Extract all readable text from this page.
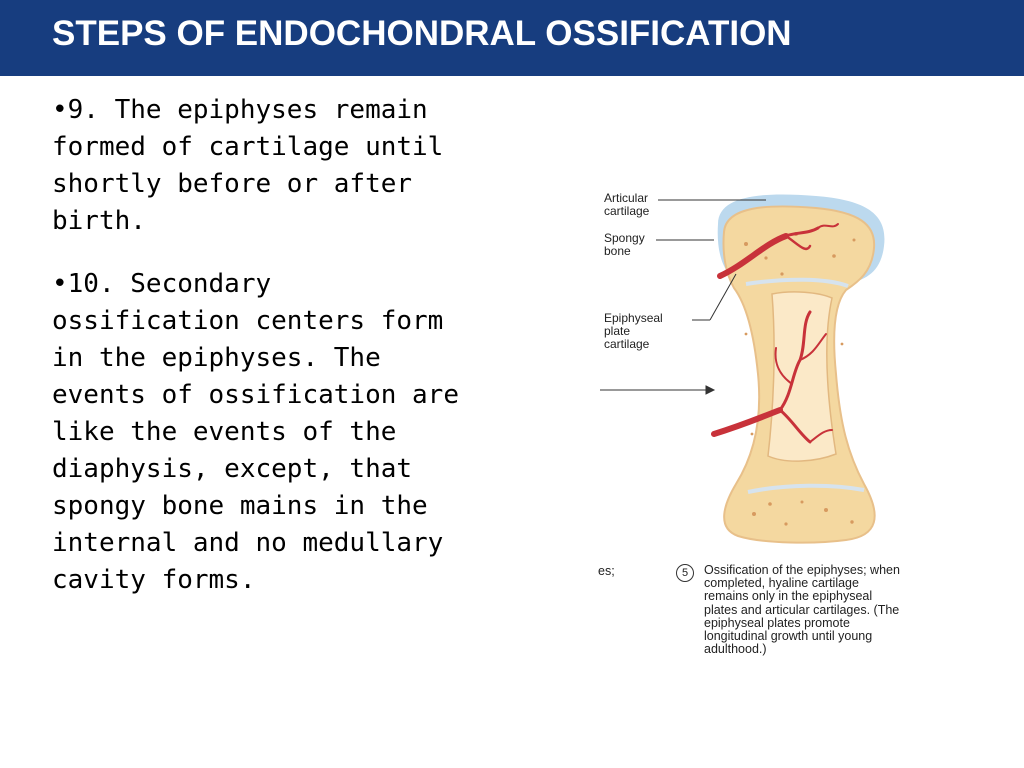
STEPS OF ENDOCHONDRAL OSSIFICATION

•9. The epiphyses remain formed of cartilage until shortly before or after birth.

•10. Secondary ossification centers form in the epiphyses. The events of ossification are like the events of the diaphysis, except, that spongy bone mains in the internal and no medullary cavity forms.

Articular
cartilage
Spongy
bone
Epiphyseal
plate
cartilage
es;	5	Ossification of the epiphyses; when completed, hyaline cartilage remains only in the epiphyseal plates and articular cartilages. (The epiphyseal plates promote longitudinal growth until young adulthood.)
